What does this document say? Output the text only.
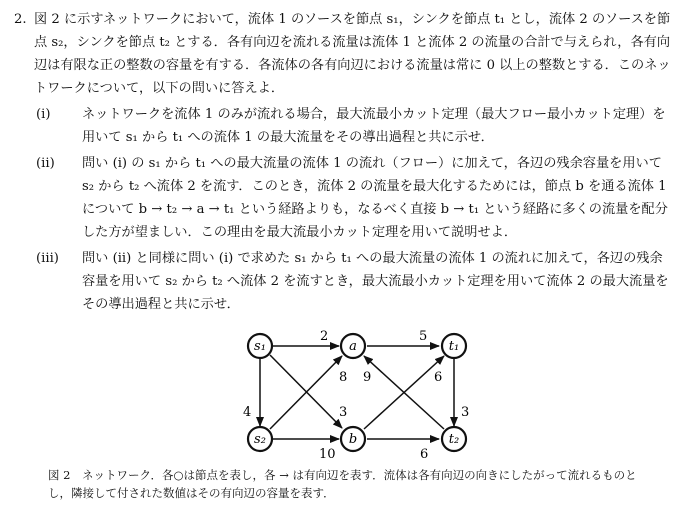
2. 図 2 に示すネットワークにおいて，流体 1 のソースを節点 s₁，シンクを節点 t₁ とし，流体 2 のソースを節点 s₂，シンクを節点 t₂ とする．各有向辺を流れる流量は流体 1 と流体 2 の流量の合計で与えられ，各有向辺は有限な正の整数の容量を有する．各流体の各有向辺における流量は常に 0 以上の整数とする．このネットワークについて，以下の問いに答えよ．

(i)	ネットワークを流体 1 のみが流れる場合，最大流最小カット定理（最大フロー最小カット定理）を用いて s₁ から t₁ への流体 1 の最大流量をその導出過程と共に示せ．

(ii)	問い (i) の s₁ から t₁ への最大流量の流体 1 の流れ（フロー）に加えて，各辺の残余容量を用いて s₂ から t₂ へ流体 2 を流す．このとき，流体 2 の流量を最大化するためには，節点 b を通る流体 1 について b → t₂ → a → t₁ という経路よりも，なるべく直接 b → t₁ という経路に多くの流量を配分した方が望ましい．この理由を最大流最小カット定理を用いて説明せよ．

(iii)	問い (ii) と同様に問い (i) で求めた s₁ から t₁ への最大流量の流体 1 の流れに加えて，各辺の残余容量を用いて s₂ から t₂ へ流体 2 を流すとき，最大流最小カット定理を用いて流体 2 の最大流量をその導出過程と共に示せ．

2	5
8 9	6
4	3	3
10	6
s₁	a	t₁
s₂	b	t₂
図 2　ネットワーク．各○は節点を表し，各 → は有向辺を表す．流体は各有向辺の向きにしたがって流れるものとし，隣接して付された数値はその有向辺の容量を表す．
